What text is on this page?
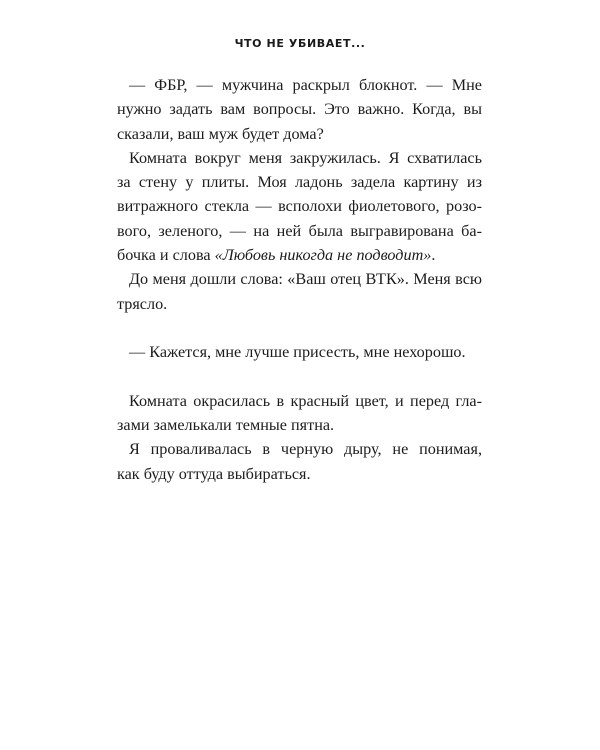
ЧТО НЕ УБИВАЕТ...
— ФБР, — мужчина раскрыл блокнот. — Мне
нужно задать вам вопросы. Это важно. Когда, вы
сказали, ваш муж будет дома?
Комната вокруг меня закружилась. Я схватилась
за стену у плиты. Моя ладонь задела картину из
витражного стекла — всполохи фиолетового, розо-
вого, зеленого, — на ней была выгравирована ба-
бочка и слова «Любовь никогда не подводит».
До меня дошли слова: «Ваш отец ВТК». Меня всю
трясло.
— Кажется, мне лучше присесть, мне нехорошо.
Комната окрасилась в красный цвет, и перед гла-
зами замелькали темные пятна.
Я проваливалась в черную дыру, не понимая,
как буду оттуда выбираться.
